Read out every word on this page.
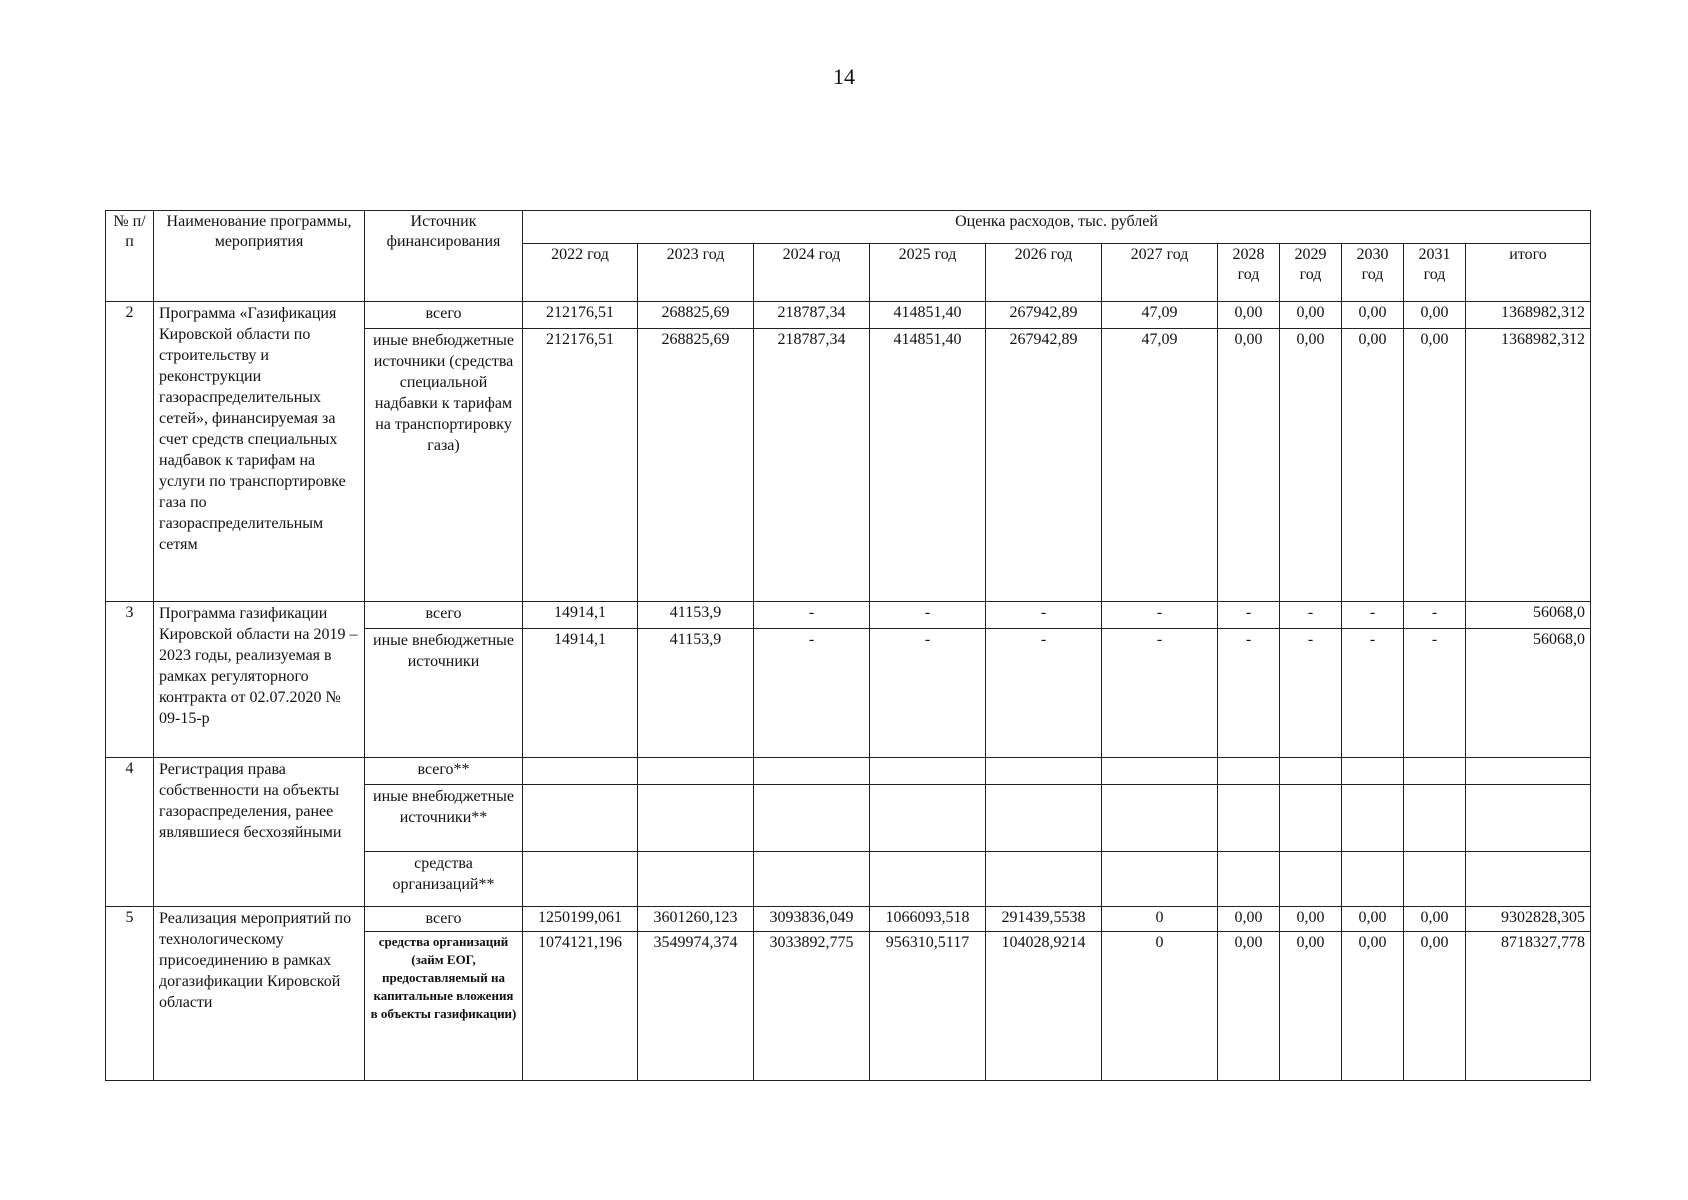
14
№ п/п	Наименование программы, мероприятия	Источник финансирования	Оценка расходов, тыс. рублей										
			2022 год	2023 год	2024 год	2025 год	2026 год	2027 год	2028 год	2029 год	2030 год	2031 год	итого
2	Программа «Газификация Кировской области по строительству и реконструкции газораспределительных сетей», финансируемая за счет средств специальных надбавок к тарифам на услуги по транспортировке газа по газораспределительным сетям	всего	212176,51	268825,69	218787,34	414851,40	267942,89	47,09	0,00	0,00	0,00	0,00	1368982,312
		иные внебюджетные источники (средства специальной надбавки к тарифам на транспортировку газа)	212176,51	268825,69	218787,34	414851,40	267942,89	47,09	0,00	0,00	0,00	0,00	1368982,312
3	Программа газификации Кировской области на 2019 – 2023 годы, реализуемая в рамках регуляторного контракта от 02.07.2020 № 09-15-р	всего	14914,1	41153,9	-	-	-	-	-	-	-	-	56068,0
		иные внебюджетные источники	14914,1	41153,9	-	-	-	-	-	-	-	-	56068,0
4	Регистрация права собственности на объекты газораспределения, ранее являвшиеся бесхозяйными	всего**											
		иные внебюджетные источники**											
		средства организаций**											
5	Реализация мероприятий по технологическому присоединению в рамках догазификации Кировской области	всего	1250199,061	3601260,123	3093836,049	1066093,518	291439,5538	0	0,00	0,00	0,00	0,00	9302828,305
		средства организаций (займ ЕОГ, предоставляемый на капитальные вложения в объекты газификации)	1074121,196	3549974,374	3033892,775	956310,5117	104028,9214	0	0,00	0,00	0,00	0,00	8718327,778
